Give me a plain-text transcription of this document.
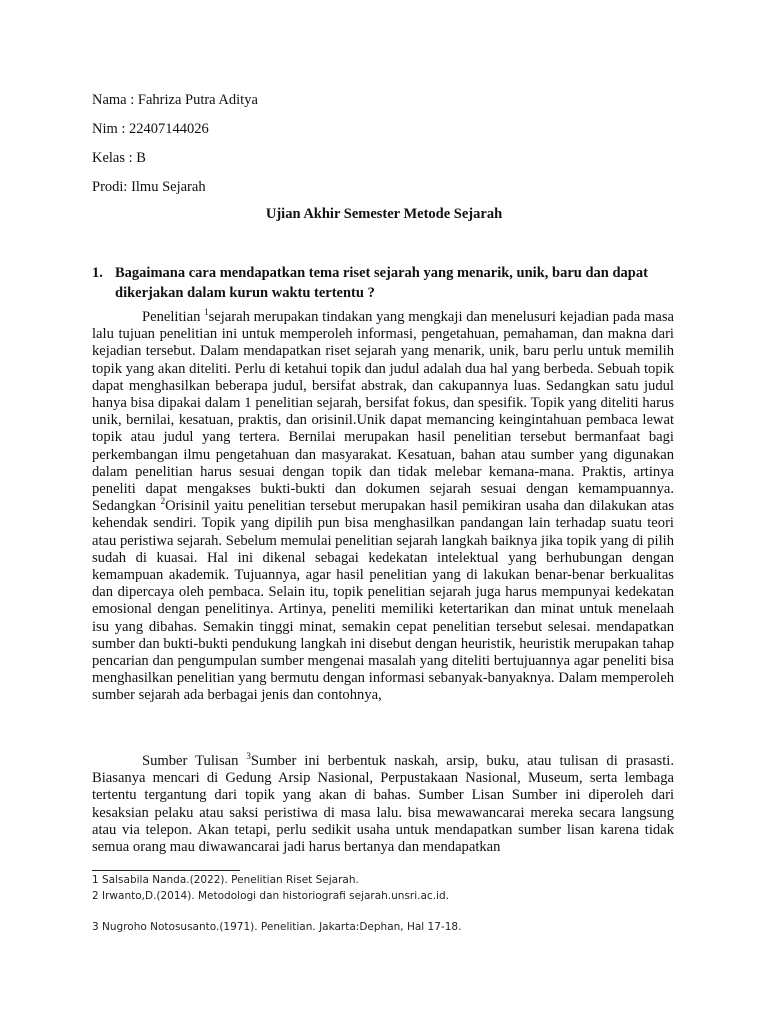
Nama : Fahriza Putra Aditya
Nim : 22407144026
Kelas : B
Prodi: Ilmu Sejarah
Ujian Akhir Semester Metode Sejarah
1. Bagaimana cara mendapatkan tema riset sejarah yang menarik, unik, baru dan dapat dikerjakan dalam kurun waktu tertentu ?

Penelitian $^1$sejarah merupakan tindakan yang mengkaji dan menelusuri kejadian pada masa lalu tujuan penelitian ini untuk memperoleh informasi, pengetahuan, pemahaman, dan makna dari kejadian tersebut. Dalam mendapatkan riset sejarah yang menarik, unik, baru perlu untuk memilih topik yang akan diteliti. Perlu di ketahui topik dan judul adalah dua hal yang berbeda. Sebuah topik dapat menghasilkan beberapa judul, bersifat abstrak, dan cakupannya luas. Sedangkan satu judul hanya bisa dipakai dalam 1 penelitian sejarah, bersifat fokus, dan spesifik. Topik yang diteliti harus unik, bernilai, kesatuan, praktis, dan orisinil.Unik dapat memancing keingintahuan pembaca lewat topik atau judul yang tertera. Bernilai merupakan hasil penelitian tersebut bermanfaat bagi perkembangan ilmu pengetahuan dan masyarakat. Kesatuan, bahan atau sumber yang digunakan dalam penelitian harus sesuai dengan topik dan tidak melebar kemana-mana. Praktis, artinya peneliti dapat mengakses bukti-bukti dan dokumen sejarah sesuai dengan kemampuannya. Sedangkan $^2$Orisinil yaitu penelitian tersebut merupakan hasil pemikiran usaha dan dilakukan atas kehendak sendiri. Topik yang dipilih pun bisa menghasilkan pandangan lain terhadap suatu teori atau peristiwa sejarah. Sebelum memulai penelitian sejarah langkah baiknya jika topik yang di pilih sudah di kuasai. Hal ini dikenal sebagai kedekatan intelektual yang berhubungan dengan kemampuan akademik. Tujuannya, agar hasil penelitian yang di lakukan benar-benar berkualitas dan dipercaya oleh pembaca. Selain itu, topik penelitian sejarah juga harus mempunyai kedekatan emosional dengan penelitinya. Artinya, peneliti memiliki ketertarikan dan minat untuk menelaah isu yang dibahas. Semakin tinggi minat, semakin cepat penelitian tersebut selesai. mendapatkan sumber dan bukti-bukti pendukung langkah ini disebut dengan heuristik, heuristik merupakan tahap pencarian dan pengumpulan sumber mengenai masalah yang diteliti bertujuannya agar peneliti bisa menghasilkan penelitian yang bermutu dengan informasi sebanyak-banyaknya. Dalam memperoleh sumber sejarah ada berbagai jenis dan contohnya,

Sumber Tulisan $^3$Sumber ini berbentuk naskah, arsip, buku, atau tulisan di prasasti. Biasanya mencari di Gedung Arsip Nasional, Perpustakaan Nasional, Museum, serta lembaga tertentu tergantung dari topik yang akan di bahas. Sumber Lisan Sumber ini diperoleh dari kesaksian pelaku atau saksi peristiwa di masa lalu. bisa mewawancarai mereka secara langsung atau via telepon. Akan tetapi, perlu sedikit usaha untuk mendapatkan sumber lisan karena tidak semua orang mau diwawancarai jadi harus bertanya dan mendapatkan

1 Salsabila Nanda.(2022). Penelitian Riset Sejarah.
2 Irwanto,D.(2014). Metodologi dan historiografi sejarah.unsri.ac.id.
3 Nugroho Notosusanto.(1971). Penelitian. Jakarta:Dephan, Hal 17-18.
